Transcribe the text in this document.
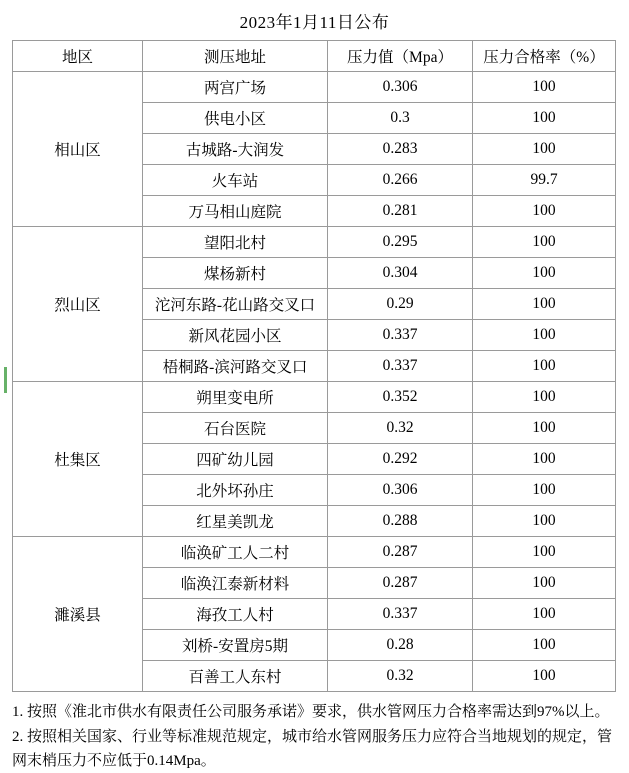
2023年1月11日公布
地区	测压地址	压力值（Mpa）	压力合格率（%）
相山区	两宫广场	0.306	100
	供电小区	0.3	100
	古城路-大润发	0.283	100
	火车站	0.266	99.7
	万马相山庭院	0.281	100
烈山区	望阳北村	0.295	100
	煤杨新村	0.304	100
	沱河东路-花山路交叉口	0.29	100
	新风花园小区	0.337	100
	梧桐路-滨河路交叉口	0.337	100
杜集区	朔里变电所	0.352	100
	石台医院	0.32	100
	四矿幼儿园	0.292	100
	北外坏孙庄	0.306	100
	红星美凯龙	0.288	100
濉溪县	临涣矿工人二村	0.287	100
	临涣江泰新材料	0.287	100
	海孜工人村	0.337	100
	刘桥-安置房5期	0.28	100
	百善工人东村	0.32	100

1. 按照《淮北市供水有限责任公司服务承诺》要求，供水管网压力合格率需达到97%以上。

2. 按照相关国家、行业等标准规范规定，城市给水管网服务压力应符合当地规划的规定，管网末梢压力不应低于0.14Mpa。
